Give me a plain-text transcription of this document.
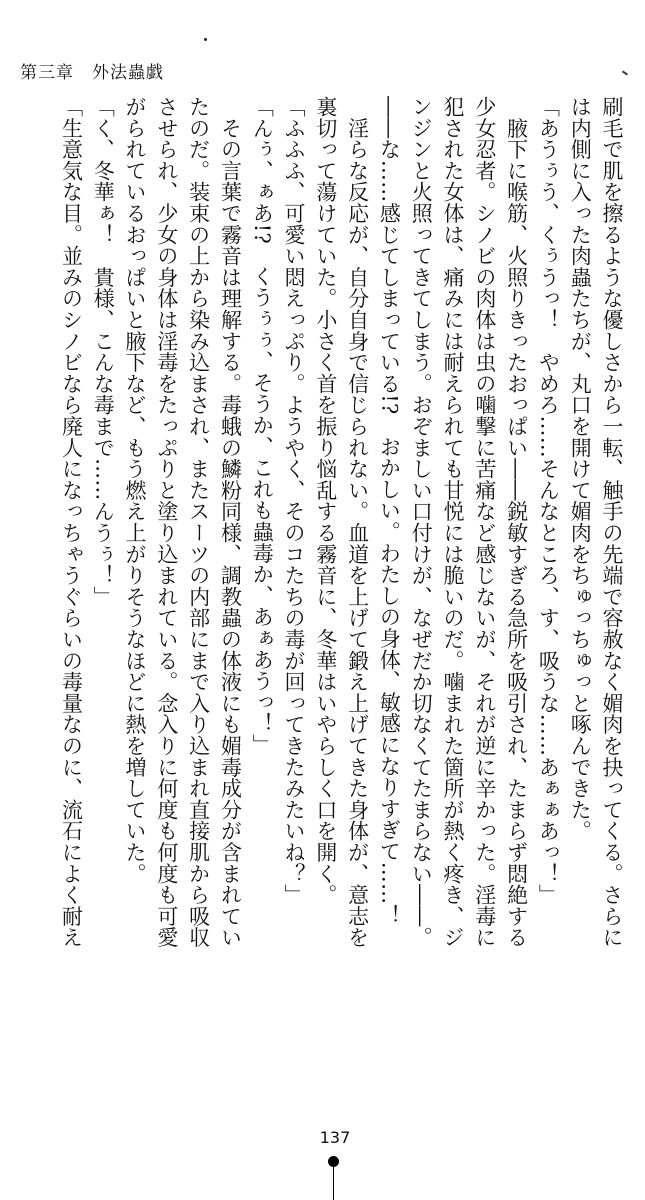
第三章　外法蟲戯
刷毛で肌を擦るような優しさから一転、触手の先端で容赦なく媚肉を抉ってくる。さらに
は内側に入った肉蟲たちが、丸口を開けて媚肉をちゅっちゅっと啄んできた。
「あうぅう、くぅうっ！　やめろ……そんなところ、す、吸うな……あぁぁあっ！」
　腋下に喉筋、火照りきったおっぱい――鋭敏すぎる急所を吸引され、たまらず悶絶する
少女忍者。シノビの肉体は虫の噛撃に苦痛など感じないが、それが逆に辛かった。淫毒に
犯された女体は、痛みには耐えられても甘悦には脆いのだ。噛まれた箇所が熱く疼き、ジ
ンジンと火照ってきてしまう。おぞましい口付けが、なぜだか切なくてたまらない――。
――な……感じてしまっている!?　おかしい。わたしの身体、敏感になりすぎて……！
　淫らな反応が、自分自身で信じられない。血道を上げて鍛え上げてきた身体が、意志を
裏切って蕩けていた。小さく首を振り悩乱する霧音に、冬華はいやらしく口を開く。
「ふふふ、可愛い悶えっぷり。ようやく、そのコたちの毒が回ってきたみたいね？」
「んぅ、ぁあ!?　くうぅぅ、そうか、これも蟲毒か、あぁあうっ！」
　その言葉で霧音は理解する。毒蛾の鱗粉同様、調教蟲の体液にも媚毒成分が含まれてい
たのだ。装束の上から染み込まされ、またスーツの内部にまで入り込まれ直接肌から吸収
させられ、少女の身体は淫毒をたっぷりと塗り込まれている。念入りに何度も何度も可愛
がられているおっぱいと腋下など、もう燃え上がりそうなほどに熱を増していた。
「く、冬華ぁ！　貴様、こんな毒まで……んうぅ！」
「生意気な目。並みのシノビなら廃人になっちゃうぐらいの毒量なのに、流石によく耐え
137
